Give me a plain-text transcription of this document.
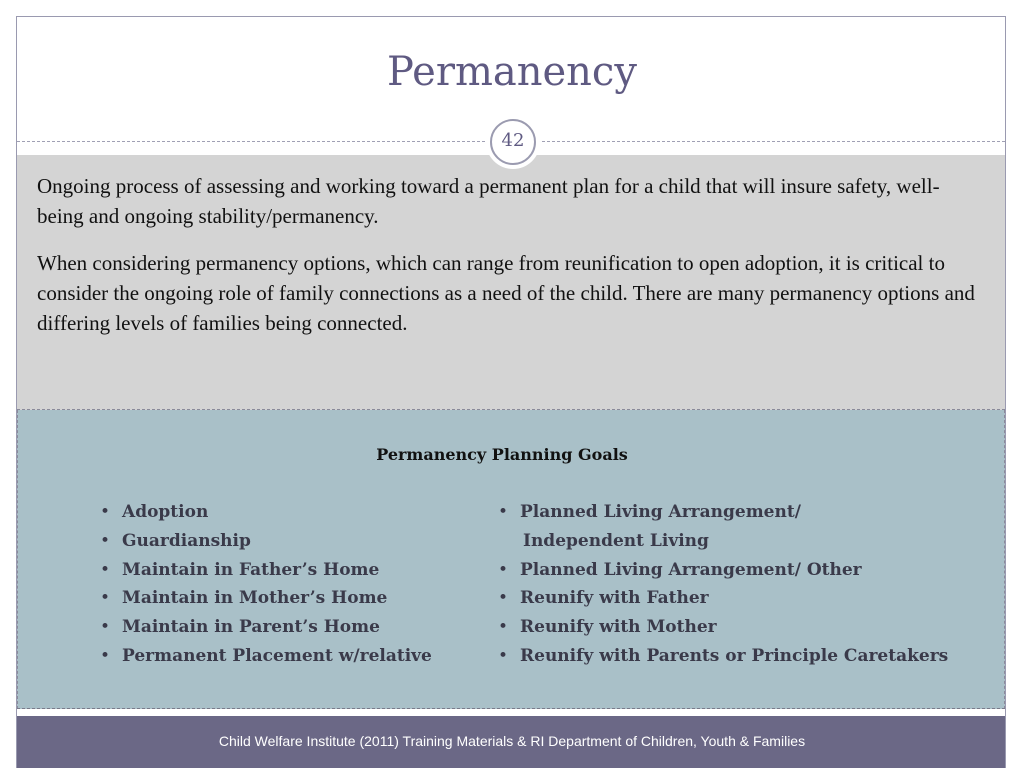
Permanency
42

Ongoing process of assessing and working toward a permanent plan for a child that will insure safety, well-being and ongoing stability/permanency.

When considering permanency options, which can range from reunification to open adoption, it is critical to consider the ongoing role of family connections as a need of the child. There are many permanency options and differing levels of families being connected.

Permanency Planning Goals
• Adoption
• Guardianship
• Maintain in Father’s Home
• Maintain in Mother’s Home
• Maintain in Parent’s Home
• Permanent Placement w/relative
• Planned Living Arrangement/
Independent Living
• Planned Living Arrangement/ Other
• Reunify with Father
• Reunify with Mother
• Reunify with Parents or Principle Caretakers
Child Welfare Institute (2011) Training Materials & RI Department of Children, Youth & Families
